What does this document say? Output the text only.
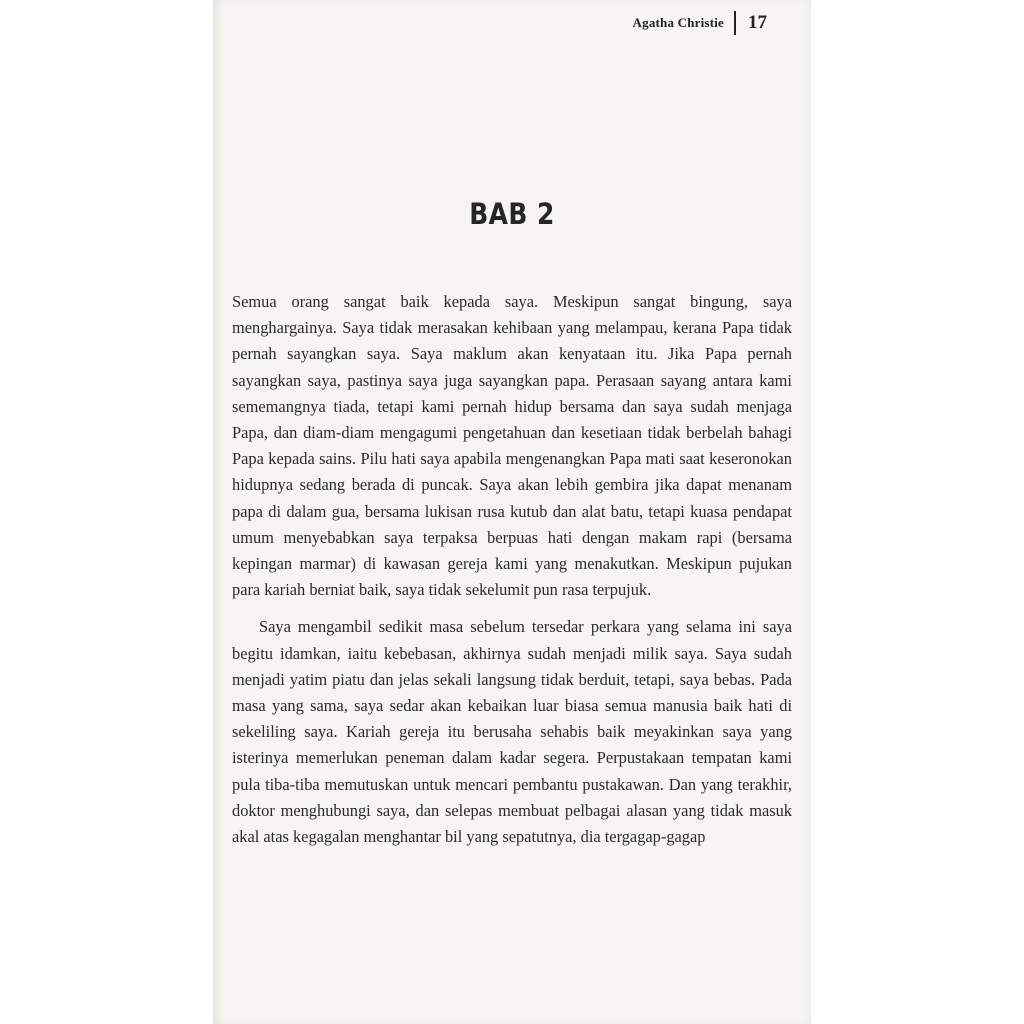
Agatha Christie 17
BAB 2

Semua orang sangat baik kepada saya. Meskipun sangat bingung, saya menghargainya. Saya tidak merasakan kehibaan yang melampau, kerana Papa tidak pernah sayangkan saya. Saya maklum akan kenyataan itu. Jika Papa pernah sayangkan saya, pastinya saya juga sayangkan papa. Perasaan sayang antara kami sememangnya tiada, tetapi kami pernah hidup bersama dan saya sudah menjaga Papa, dan diam-diam mengagumi pengetahuan dan kesetiaan tidak berbelah bahagi Papa kepada sains. Pilu hati saya apabila mengenangkan Papa mati saat keseronokan hidupnya sedang berada di puncak. Saya akan lebih gembira jika dapat menanam papa di dalam gua, bersama lukisan rusa kutub dan alat batu, tetapi kuasa pendapat umum menyebabkan saya terpaksa berpuas hati dengan makam rapi (bersama kepingan marmar) di kawasan gereja kami yang menakutkan. Meskipun pujukan para kariah berniat baik, saya tidak sekelumit pun rasa terpujuk.

Saya mengambil sedikit masa sebelum tersedar perkara yang selama ini saya begitu idamkan, iaitu kebebasan, akhirnya sudah menjadi milik saya. Saya sudah menjadi yatim piatu dan jelas sekali langsung tidak berduit, tetapi, saya bebas. Pada masa yang sama, saya sedar akan kebaikan luar biasa semua manusia baik hati di sekeliling saya. Kariah gereja itu berusaha sehabis baik meyakinkan saya yang isterinya memerlukan peneman dalam kadar segera. Perpustakaan tempatan kami pula tiba-tiba memutuskan untuk mencari pembantu pustakawan. Dan yang terakhir, doktor menghubungi saya, dan selepas membuat pelbagai alasan yang tidak masuk akal atas kegagalan menghantar bil yang sepatutnya, dia tergagap-gagap
